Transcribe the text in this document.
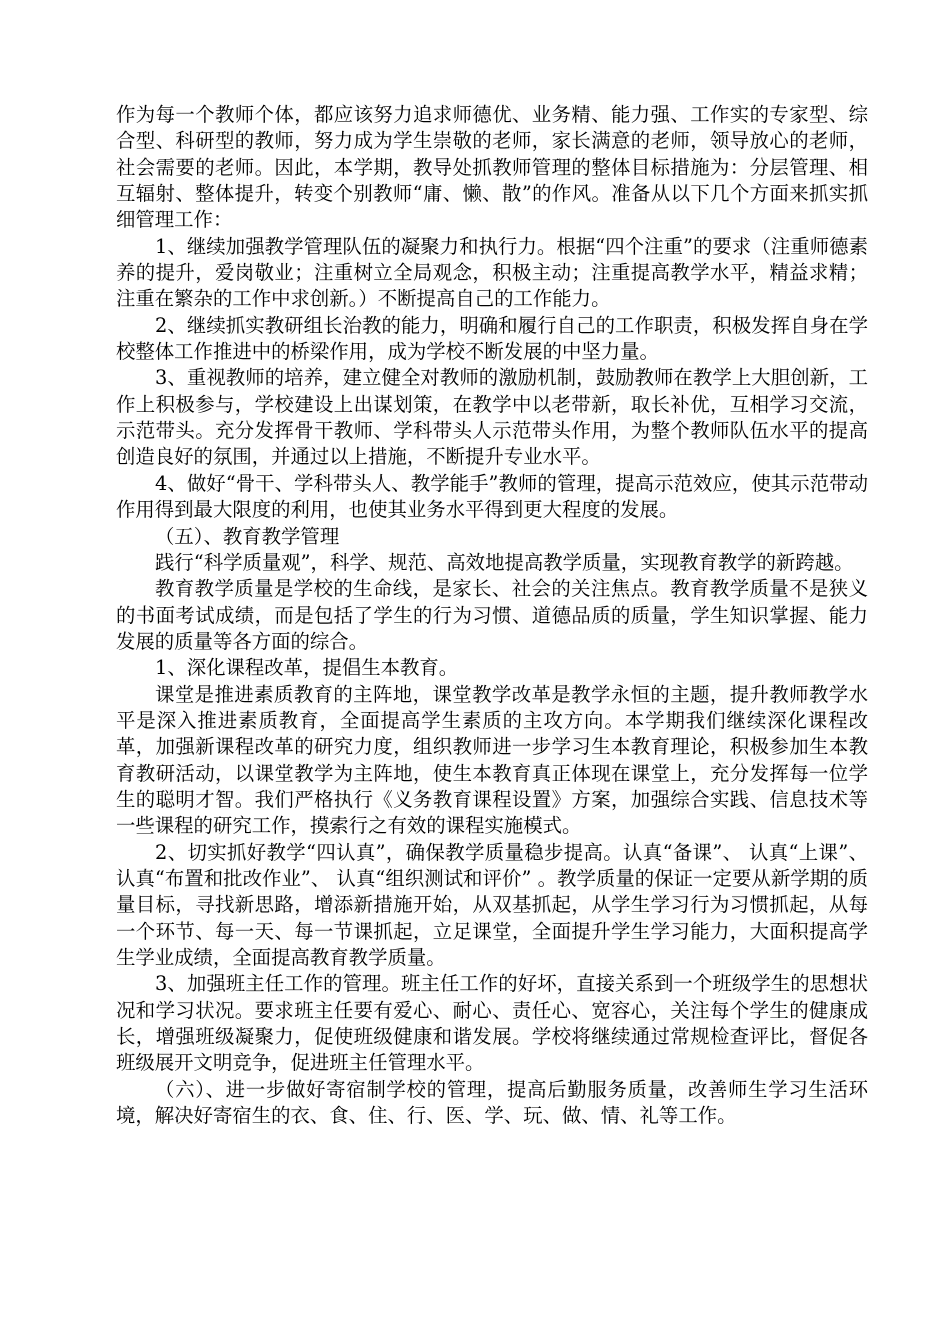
作为每一个教师个体，都应该努力追求师德优、业务精、能力强、工作实的专家型、综合型、科研型的教师，努力成为学生崇敬的老师，家长满意的老师，领导放心的老师，社会需要的老师。因此，本学期，教导处抓教师管理的整体目标措施为：分层管理、相互辐射、整体提升，转变个别教师“庸、懒、散”的作风。准备从以下几个方面来抓实抓细管理工作：

1、继续加强教学管理队伍的凝聚力和执行力。根据“四个注重”的要求（注重师德素养的提升，爱岗敬业；注重树立全局观念，积极主动；注重提高教学水平，精益求精；注重在繁杂的工作中求创新。）不断提高自己的工作能力。

2、继续抓实教研组长治教的能力，明确和履行自己的工作职责，积极发挥自身在学校整体工作推进中的桥梁作用，成为学校不断发展的中坚力量。

3、重视教师的培养，建立健全对教师的激励机制，鼓励教师在教学上大胆创新，工作上积极参与，学校建设上出谋划策，在教学中以老带新，取长补优，互相学习交流，示范带头。充分发挥骨干教师、学科带头人示范带头作用，为整个教师队伍水平的提高创造良好的氛围，并通过以上措施，不断提升专业水平。

4、做好“骨干、学科带头人、教学能手”教师的管理，提高示范效应，使其示范带动作用得到最大限度的利用，也使其业务水平得到更大程度的发展。

（五）、教育教学管理

践行“科学质量观”，科学、规范、高效地提高教学质量，实现教育教学的新跨越。

教育教学质量是学校的生命线，是家长、社会的关注焦点。教育教学质量不是狭义的书面考试成绩，而是包括了学生的行为习惯、道德品质的质量，学生知识掌握、能力发展的质量等各方面的综合。

1、深化课程改革，提倡生本教育。

课堂是推进素质教育的主阵地，课堂教学改革是教学永恒的主题，提升教师教学水平是深入推进素质教育，全面提高学生素质的主攻方向。本学期我们继续深化课程改革，加强新课程改革的研究力度，组织教师进一步学习生本教育理论，积极参加生本教育教研活动，以课堂教学为主阵地，使生本教育真正体现在课堂上，充分发挥每一位学生的聪明才智。我们严格执行《义务教育课程设置》方案，加强综合实践、信息技术等一些课程的研究工作，摸索行之有效的课程实施模式。

2、切实抓好教学“四认真”，确保教学质量稳步提高。认真“备课”、 认真“上课”、 认真“布置和批改作业”、 认真“组织测试和评价” 。教学质量的保证一定要从新学期的质量目标，寻找新思路，增添新措施开始，从双基抓起，从学生学习行为习惯抓起，从每一个环节、每一天、每一节课抓起，立足课堂，全面提升学生学习能力，大面积提高学生学业成绩，全面提高教育教学质量。

3、加强班主任工作的管理。班主任工作的好坏，直接关系到一个班级学生的思想状况和学习状况。要求班主任要有爱心、耐心、责任心、宽容心，关注每个学生的健康成长，增强班级凝聚力，促使班级健康和谐发展。学校将继续通过常规检查评比，督促各班级展开文明竞争，促进班主任管理水平。

（六）、进一步做好寄宿制学校的管理，提高后勤服务质量，改善师生学习生活环境，解决好寄宿生的衣、食、住、行、医、学、玩、做、情、礼等工作。
